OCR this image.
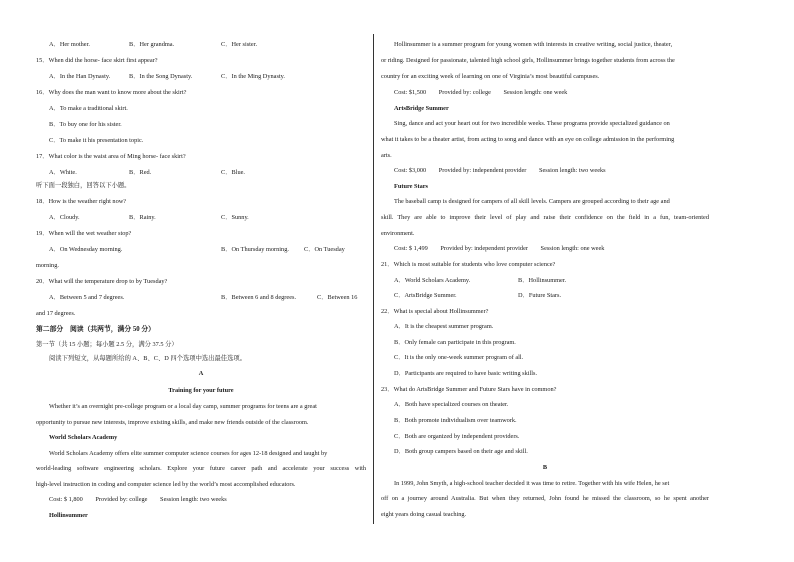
A．Her mother.	B．Her grandma.	C．Her sister.
15．When did the horse- face skirt first appear?
A．In the Han Dynasty.	B．In the Song Dynasty.	C．In the Ming Dynasty.
16．Why does the man want to know more about the skirt?
A．To make a traditional skirt.
B．To buy one for his sister.
C．To make it his presentation topic.
17．What color is the waist area of Ming horse- face skirt?
A．White.	B．Red.	C．Blue.
听下面一段独白，回答以下小题。
18．How is the weather right now?
A．Cloudy.	B．Rainy.	C．Sunny.
19．When will the wet weather stop?
A．On Wednesday morning.	B．On Thursday morning. C．On Tuesday
morning.
20．What will the temperature drop to by Tuesday?
A．Between 5 and 7 degrees.	B．Between 6 and 8 degrees.	C．Between 16
and 17 degrees.
第二部分　阅读（共两节，满分 50 分）
第一节（共 15 小题；每小题 2.5 分，满分 37.5 分）
阅读下列短文，从每题所给的 A、B、C、D 四个选项中选出最佳选项。
A
Training for your future
Whether it’s an overnight pre-college program or a local day camp, summer programs for teens are a great
opportunity to pursue new interests, improve existing skills, and make new friends outside of the classroom.
World Scholars Academy
World Scholars Academy offers elite summer computer science courses for ages 12-18 designed and taught by
world-leading software engineering scholars. Explore your future career path and accelerate your success with
high-level instruction in coding and computer science led by the world’s most accomplished educators.
Cost: $ 1,800　　Provided by: college　　Session length: two weeks
Hollinsummer
Hollinsummer is a summer program for young women with interests in creative writing, social justice, theater,
or riding. Designed for passionate, talented high school girls, Hollinsummer brings together students from across the
country for an exciting week of learning on one of Virginia’s most beautiful campuses.
Cost: $1,500　　Provided by: college　　Session length: one week
ArtsBridge Summer
Sing, dance and act your heart out for two incredible weeks. These programs provide specialized guidance on
what it takes to be a theater artist, from acting to song and dance with an eye on college admission in the performing
arts.
Cost: $3,000　　Provided by: independent provider　　Session length: two weeks
Future Stars
The baseball camp is designed for campers of all skill levels. Campers are grouped according to their age and
skill. They are able to improve their level of play and raise their confidence on the field in a fun, team-oriented
environment.
Cost: $ 1,499　　Provided by: independent provider　　Session length: one week
21．Which is most suitable for students who love computer science?
A．World Scholars Academy.	B．Hollinsummer.
C．ArtsBridge Summer.	D．Future Stars.
22．What is special about Hollinsummer?
A．It is the cheapest summer program.
B．Only female can participate in this program.
C．It is the only one-week summer program of all.
D．Participants are required to have basic writing skills.
23．What do ArtsBridge Summer and Future Stars have in common?
A．Both have specialized courses on theater.
B．Both promote individualism over teamwork.
C．Both are organized by independent providers.
D．Both group campers based on their age and skill.
B
In 1999, John Smyth, a high-school teacher decided it was time to retire. Together with his wife Helen, he set
off on a journey around Australia. But when they returned, John found he missed the classroom, so he spent another
eight years doing casual teaching.
